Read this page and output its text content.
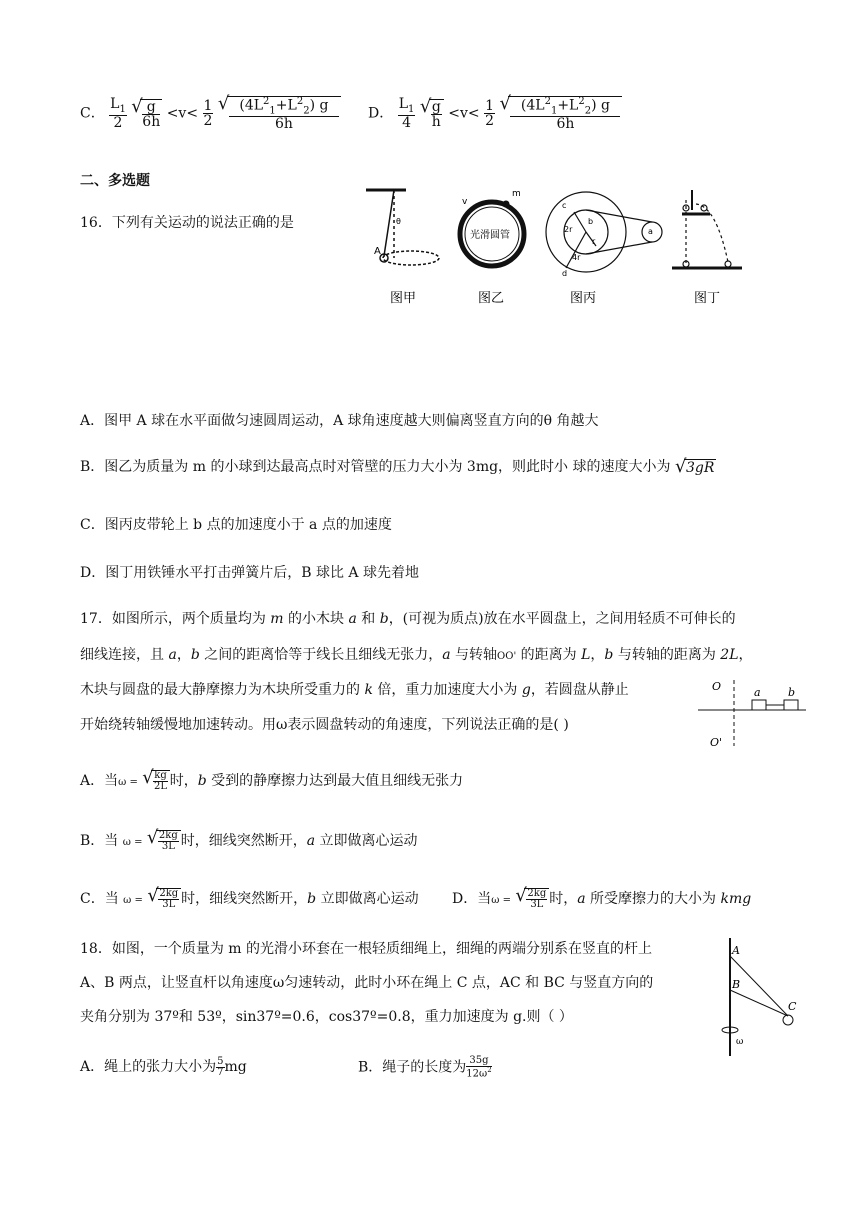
C． $\frac{L_1}{2}$
√ $\frac{g}{6h} <v< \frac{1}{2}$
√ $\frac{(4L^2_1+L^2_2) g}{6h}$ D． $\frac{L_1}{4}$
√ $\frac{g}{h} <v< \frac{1}{2}$
√ $\frac{(4L^2_1+L^2_2) g}{6h}$
二、多选题
16．下列有关运动的说法正确的是
A
θ
光滑圆管
v
m
c
b
2r
r
4r
d
a
图甲	图乙	图丙	图丁
A．图甲 A 球在水平面做匀速圆周运动，A 球角速度越大则偏离竖直方向的θ 角越大
B．图乙为质量为 m 的小球到达最高点时对管壁的压力大小为 3mg，则此时小 球的速度大小为 √ 3gR
C．图丙皮带轮上 b 点的加速度小于 a 点的加速度
D．图丁用铁锤水平打击弹簧片后，B 球比 A 球先着地
17．如图所示，两个质量均为 m 的小木块 a 和 b，(可视为质点)放在水平圆盘上，之间用轻质不可伸长的
细线连接，且 a，b 之间的距离恰等于线长且细线无张力，a 与转轴OO' 的距离为 L，b 与转轴的距离为 2L，
木块与圆盘的最大静摩擦力为木块所受重力的 k 倍，重力加速度大小为 g，若圆盘从静止
开始绕转轴缓慢地加速转动。用ω表示圆盘转动的角速度，下列说法正确的是( )
O
O'
a b
A．当ω = √ $\frac{kg}{2L}$ 时，b 受到的静摩擦力达到最大值且细线无张力
B．当 ω = √ $\frac{2kg}{3L}$ 时，细线突然断开，a 立即做离心运动
C．当 ω = √ $\frac{2kg}{3L}$ 时，细线突然断开，b 立即做离心运动 D．当ω = √ $\frac{2kg}{3L}$ 时，a 所受摩擦力的大小为 kmg
18．如图，一个质量为 m 的光滑小环套在一根轻质细绳上，细绳的两端分别系在竖直的杆上
A、B 两点，让竖直杆以角速度ω匀速转动，此时小环在绳上 C 点，AC 和 BC 与竖直方向的
夹角分别为 37º和 53º，sin37º=0.6，cos37º=0.8，重力加速度为 g.则（ ）
A
B
C
ω
A．绳上的张力大小为 $\frac{5}{7}$ mg	B．绳子的长度为 $\frac{35g}{12\omega^2}$
